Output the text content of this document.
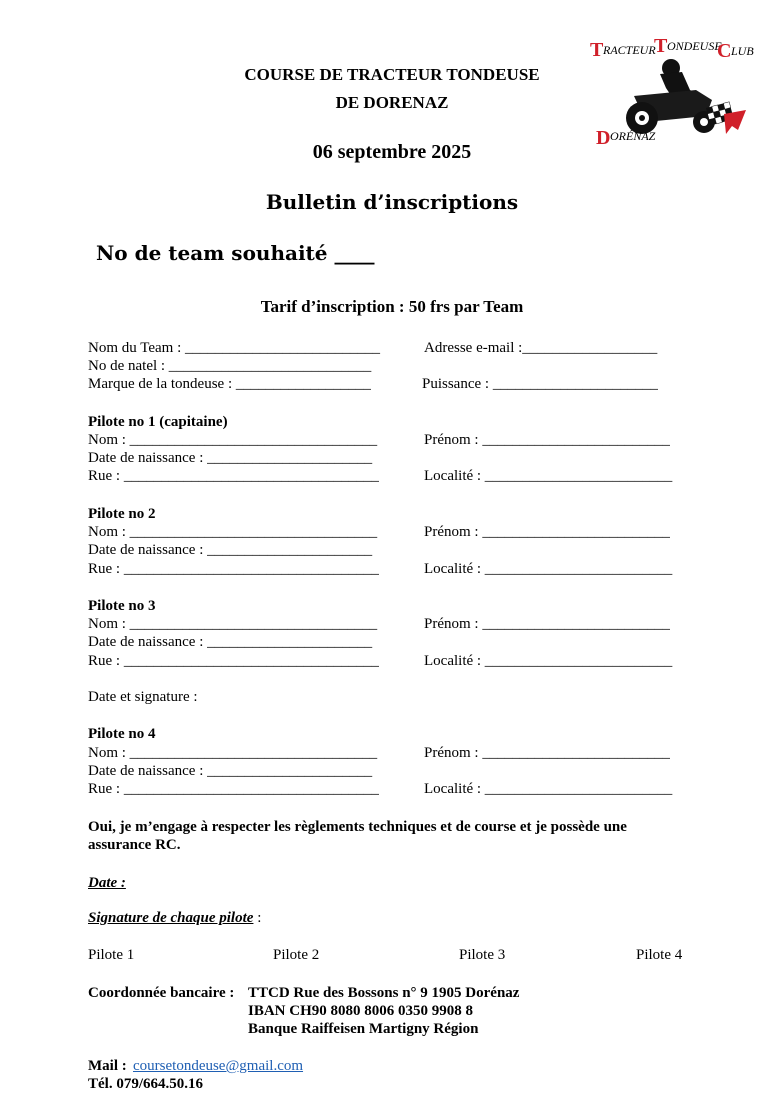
T RACTEUR
T ONDEUSE
C LUB
D ORÉNAZ
COURSE DE TRACTEUR TONDEUSE
DE DORENAZ
06 septembre 2025
Bulletin d’inscriptions
No de team souhaité ____
Tarif d’inscription : 50 frs par Team
Nom du Team : __________________________	Adresse e-mail :__________________
No de natel : ___________________________
Marque de la tondeuse : __________________	Puissance : ______________________
Pilote no 1 (capitaine)
Nom : _________________________________	Prénom : _________________________
Date de naissance : ______________________
Rue : __________________________________	Localité : _________________________
Pilote no 2
Nom : _________________________________	Prénom : _________________________
Date de naissance : ______________________
Rue : __________________________________	Localité : _________________________
Pilote no 3
Nom : _________________________________	Prénom : _________________________
Date de naissance : ______________________
Rue : __________________________________	Localité : _________________________
Date et signature :
Pilote no 4
Nom : _________________________________	Prénom : _________________________
Date de naissance : ______________________
Rue : __________________________________	Localité : _________________________
Oui, je m’engage à respecter les règlements techniques et de course et je possède une
assurance RC.
Date :
Signature de chaque pilote :
Pilote 1	Pilote 2	Pilote 3	Pilote 4
Coordonnée bancaire : TTCD Rue des Bossons n° 9 1905 Dorénaz
IBAN CH90 8080 8006 0350 9908 8
Banque Raiffeisen Martigny Région
Mail : coursetondeuse@gmail.com
Tél. 079/664.50.16
